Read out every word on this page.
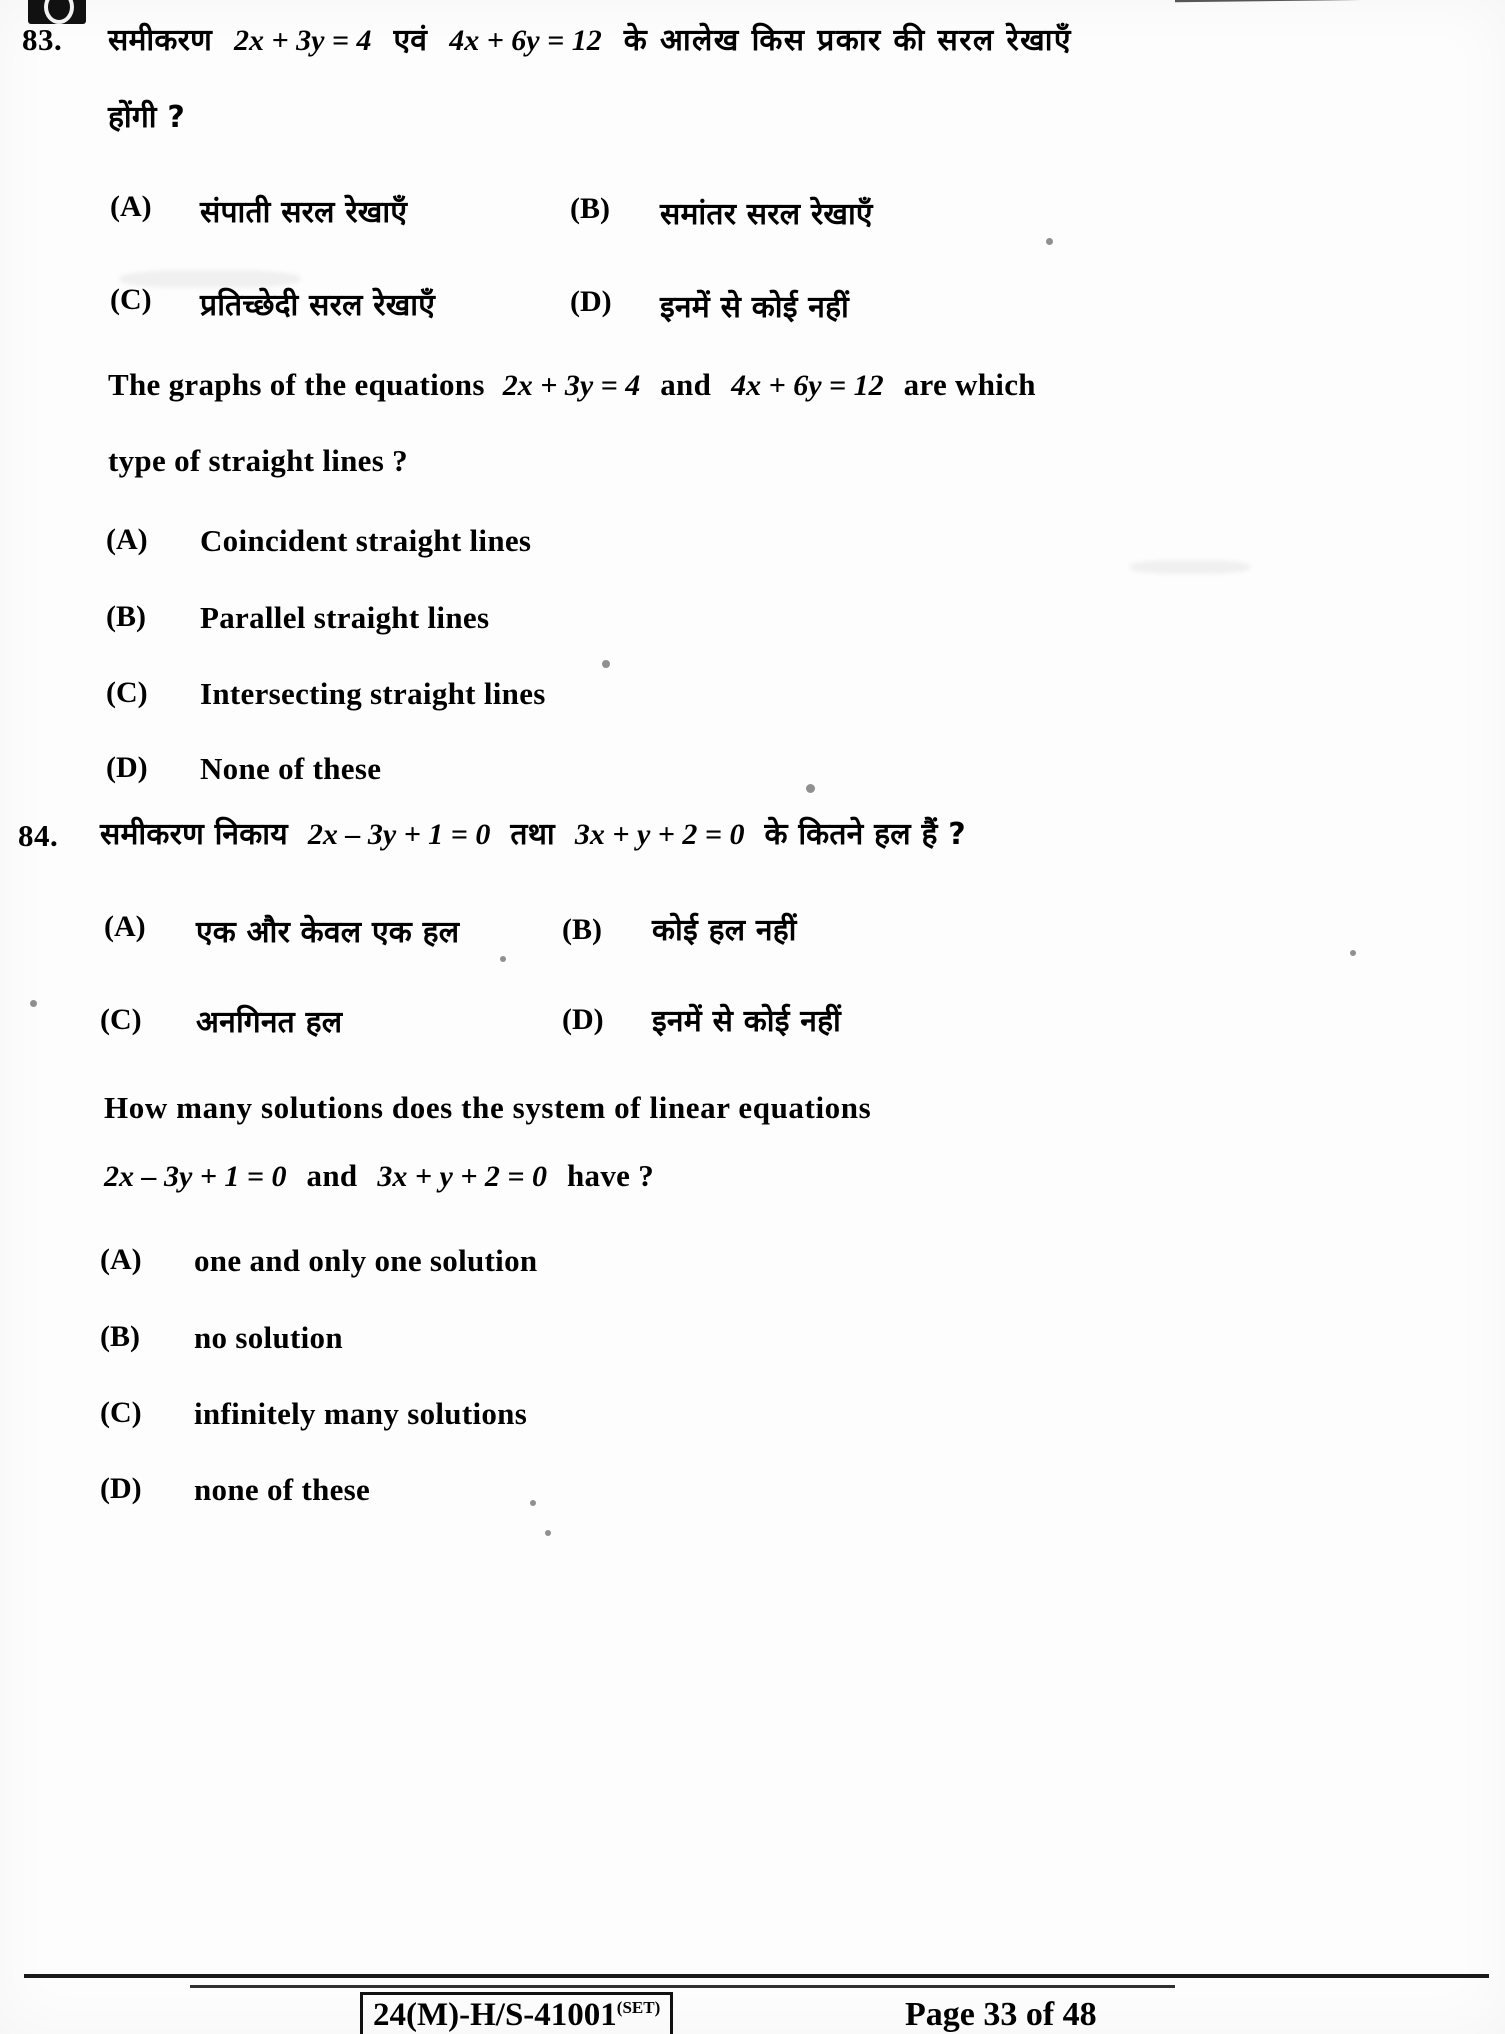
83. समीकरण 2x + 3y = 4 एवं 4x + 6y = 12 के आलेख किस प्रकार की सरल रेखाएँ
होंगी ?
(A) संपाती सरल रेखाएँ	(B) समांतर सरल रेखाएँ
(C) प्रतिच्छेदी सरल रेखाएँ	(D) इनमें से कोई नहीं
The graphs of the equations 2x + 3y = 4 and 4x + 6y = 12 are which
type of straight lines ?
(A) Coincident straight lines
(B) Parallel straight lines
(C) Intersecting straight lines
(D) None of these
84. समीकरण निकाय 2x – 3y + 1 = 0 तथा 3x + y + 2 = 0 के कितने हल हैं ?
(A) एक और केवल एक हल	(B) कोई हल नहीं
(C) अनगिनत हल	(D) इनमें से कोई नहीं
How many solutions does the system of linear equations
2x – 3y + 1 = 0 and 3x + y + 2 = 0 have ?
(A) one and only one solution
(B) no solution
(C) infinitely many solutions
(D) none of these
$24(M)-H/S-41001^{(SET)}$	Page 33 of 48
